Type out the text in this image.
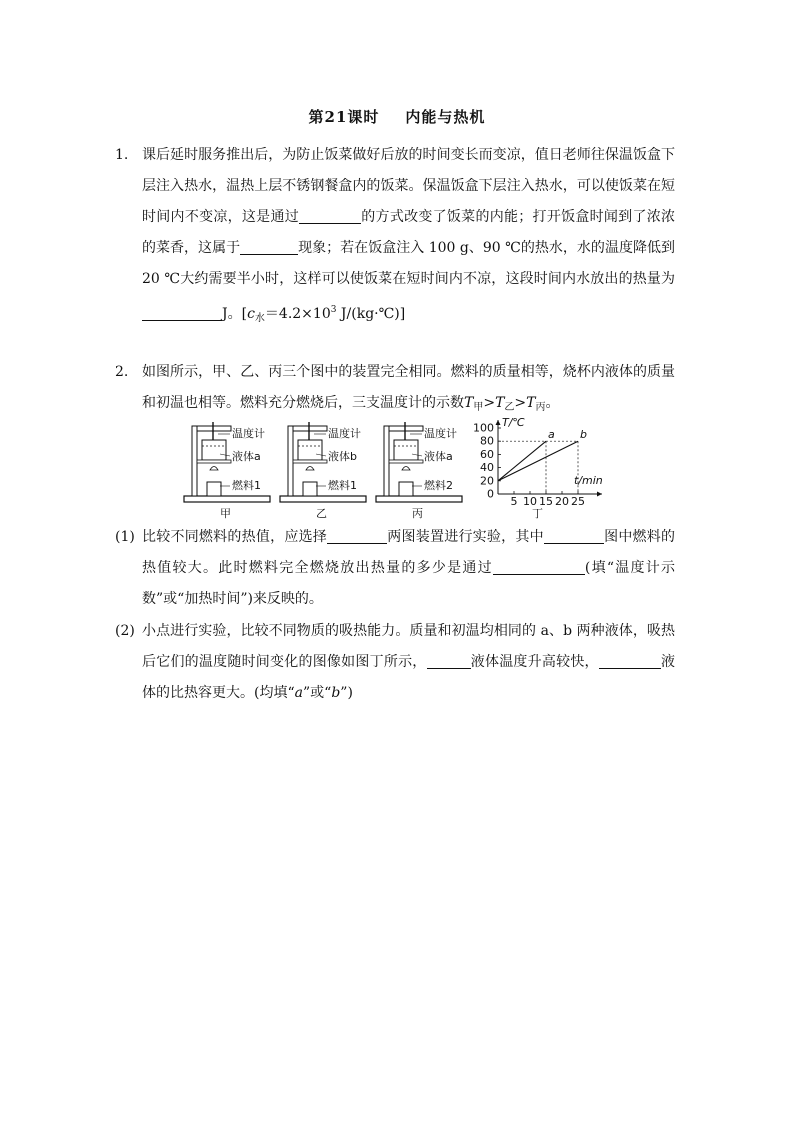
第21课时 内能与热机
1. 课后延时服务推出后，为防止饭菜做好后放的时间变长而变凉，值日老师往保温饭盒下层注入热水，温热上层不锈钢餐盒内的饭菜。保温饭盒下层注入热水，可以使饭菜在短时间内不变凉，这是通过	的方式改变了饭菜的内能；打开饭盒时闻到了浓浓的菜香，这属于	现象；若在饭盒注入 100 g、90 ℃的热水，水的温度降低到 20 ℃大约需要半小时，这样可以使饭菜在短时间内不凉，这段时间内水放出的热量为J。[$c_水=4.2\times 10^3$ J/(kg·℃)]
2. 如图所示，甲、乙、丙三个图中的装置完全相同。燃料的质量相等，烧杯内液体的质量和初温也相等。燃料充分燃烧后，三支温度计的示数$T_甲>T_乙>T_丙$。
温度计
液体a
燃料1
甲
温度计
液体b
燃料1
乙
温度计
液体a
燃料2
丙	丁
0
20
40
60
80
100
5 10 15 20 25
T/℃
t/min
a b
(1) 比较不同燃料的热值，应选择	两图装置进行实验，其中	图中燃料的热值较大。此时燃料完全燃烧放出热量的多少是通过	(填“温度计示数”或“加热时间”)来反映的。
(2) 小点进行实验，比较不同物质的吸热能力。质量和初温均相同的 a、b 两种液体，吸热后它们的温度随时间变化的图像如图丁所示，	液体温度升高较快，	液体的比热容更大。(均填“a”或“b”)
